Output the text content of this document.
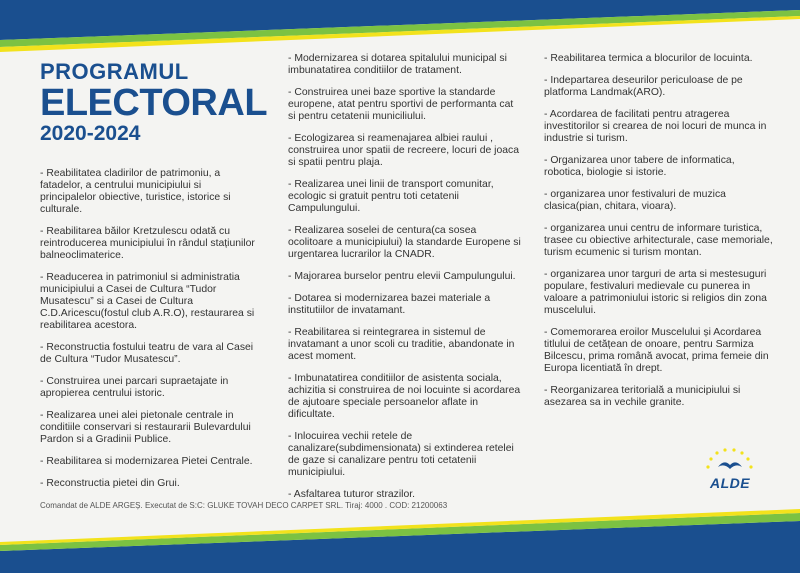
PROGRAMUL
ELECTORAL
2020-2024

- Reabilitatea cladirilor de patrimoniu, a fatadelor, a centrului municipiului si principalelor obiective, turistice, istorice si culturale.

- Reabilitarea băilor Kretzulescu odată cu reintroducerea municipiului în rândul stațiunilor balneoclimaterice.

- Readucerea in patrimoniul si administratia municipiului a Casei de Cultura “Tudor Musatescu” si a Casei de Cultura C.D.Aricescu(fostul club A.R.O), restaurarea si reabilitarea acestora.

- Reconstructia fostului teatru de vara al Casei de Cultura “Tudor Musatescu”.

- Construirea unei parcari supraetajate in apropierea centrului istoric.

- Realizarea unei alei pietonale centrale in conditiile conservari si restaurarii Bulevardului Pardon si a Gradinii Publice.

- Reabilitarea si modernizarea Pietei Centrale.

- Reconstructia pietei din Grui.

- Modernizarea si dotarea spitalului municipal si imbunatatirea conditiilor de tratament.

- Construirea unei baze sportive la standarde europene, atat pentru sportivi de performanta cat si pentru cetatenii municiliului.

- Ecologizarea si reamenajarea albiei raului , construirea unor spatii de recreere, locuri de joaca si spatii pentru plaja.

- Realizarea unei linii de transport comunitar, ecologic si gratuit pentru toti cetatenii Campulungului.

- Realizarea soselei de centura(ca sosea ocolitoare a municipiului) la standarde Europene si urgentarea lucrarilor la CNADR.

- Majorarea burselor pentru elevii Campulungului.

- Dotarea si modernizarea bazei materiale a institutiilor de invatamant.

- Reabilitarea si reintegrarea in sistemul de invatamant a unor scoli cu traditie, abandonate in acest moment.

- Imbunatatirea conditiilor de asistenta sociala, achizitia si construirea de noi locuinte si acordarea de ajutoare speciale persoanelor aflate in dificultate.

- Inlocuirea vechii retele de canalizare(subdimensionata) si extinderea retelei de gaze si canalizare pentru toti cetatenii municipiului.

- Asfaltarea tuturor strazilor.

- Reabilitarea termica a blocurilor de locuinta.

- Indepartarea deseurilor periculoase de pe platforma Landmak(ARO).

- Acordarea de facilitati pentru atragerea investitorilor si crearea de noi locuri de munca in industrie si turism.

- Organizarea unor tabere de informatica, robotica, biologie si istorie.

- organizarea unor festivaluri de muzica clasica(pian, chitara, vioara).

- organizarea unui centru de informare turistica, trasee cu obiective arhitecturale, case memoriale, turism ecumenic si turism montan.

- organizarea unor targuri de arta si mestesuguri populare, festivaluri medievale cu punerea in valoare a patrimoniului istoric si religios din zona muscelului.

- Comemorarea eroilor Muscelului și Acordarea titlului de cetățean de onoare, pentru Sarmiza Bilcescu, prima română avocat, prima femeie din Europa licentiată în drept.

- Reorganizarea teritorială a municipiului si asezarea sa in vechile granite.

ALDE
Comandat de ALDE ARGEȘ. Executat de S:C: GLUKE TOVAH DECO CARPET SRL. Tiraj: 4000 . COD: 21200063
